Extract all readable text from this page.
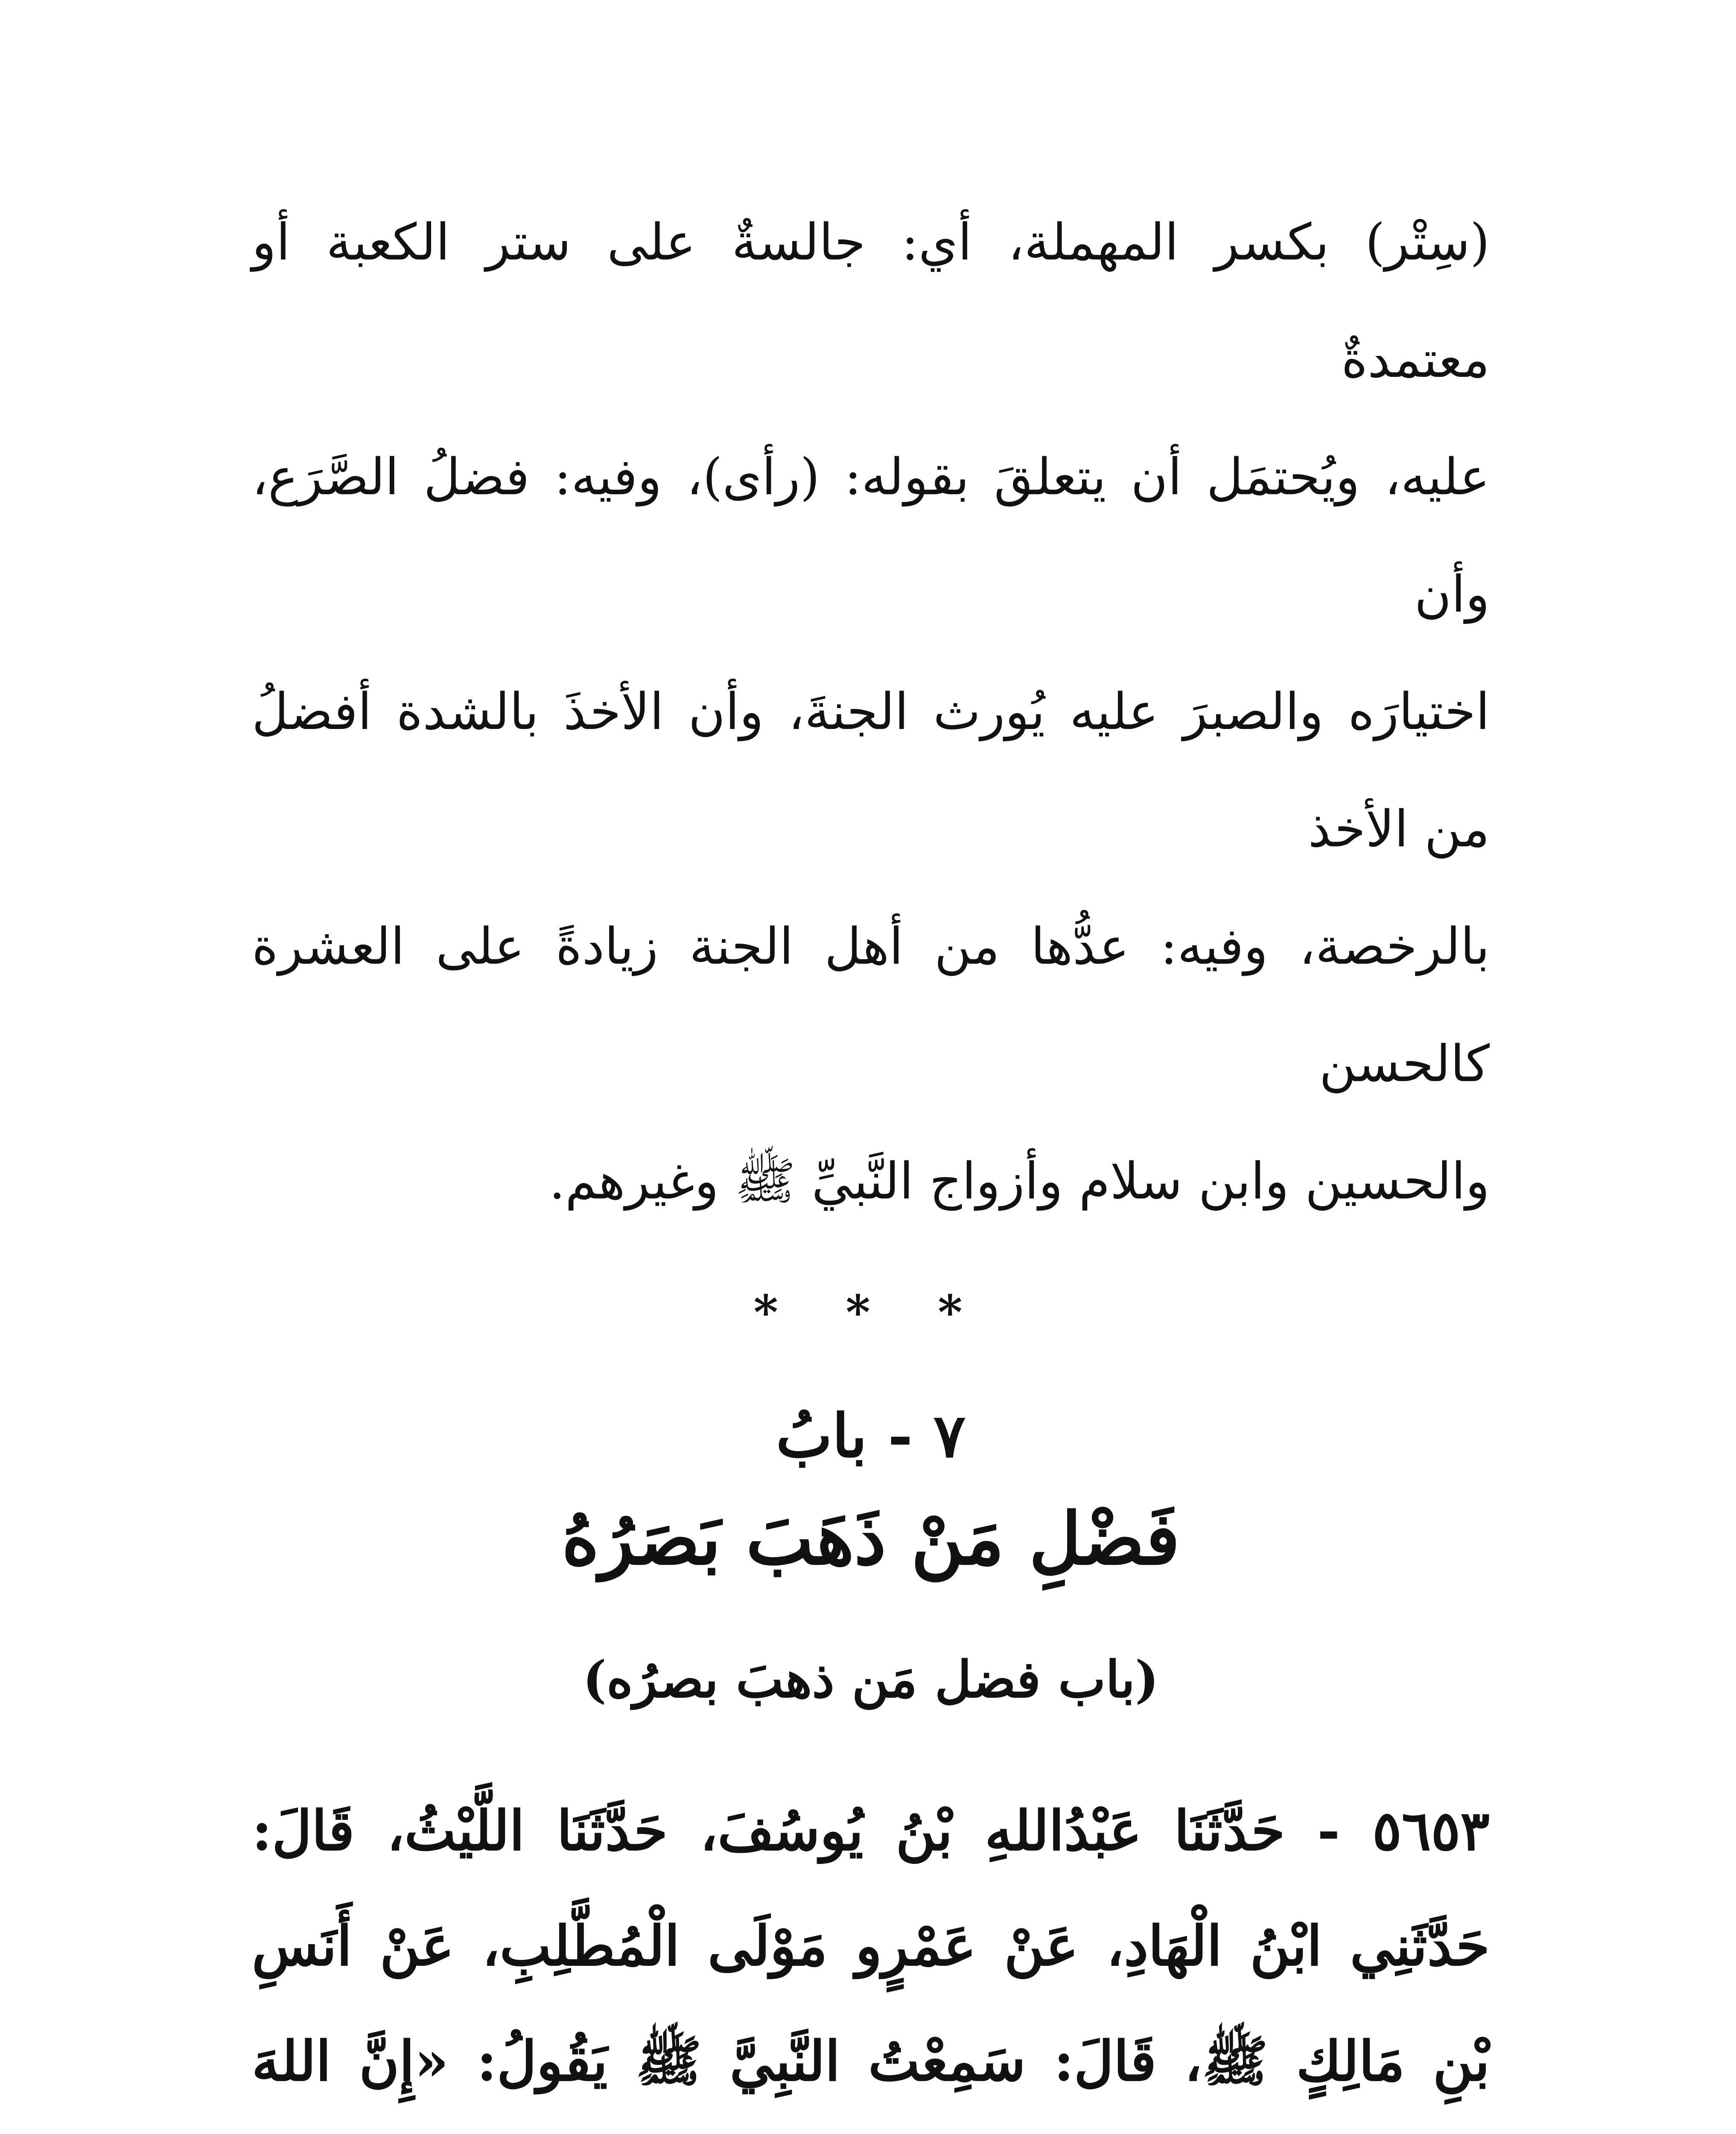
(سِتْر) بكسر المهملة، أي: جالسةٌ على ستر الكعبة أو معتمدةٌ

عليه، ويُحتمَل أن يتعلقَ بقوله: (رأى)، وفيه: فضلُ الصَّرَع، وأن

اختيارَه والصبرَ عليه يُورث الجنةَ، وأن الأخذَ بالشدة أفضلُ من الأخذ

بالرخصة، وفيه: عدُّها من أهل الجنة زيادةً على العشرة كالحسن

والحسين وابن سلام وأزواج النَّبيِّ ﷺ وغيرهم.

* * *
٧ - بابُ
فَضْلِ مَنْ ذَهَبَ بَصَرُهُ
(باب فضل مَن ذهبَ بصرُه)

٥٦٥٣ - حَدَّثَنَا عَبْدُاللهِ بْنُ يُوسُفَ، حَدَّثَنَا اللَّيْثُ، قَالَ: حَدَّثَنِي ابْنُ الْهَادِ، عَنْ عَمْرٍو مَوْلَى الْمُطَّلِبِ، عَنْ أَنَسِ بْنِ مَالِكٍ ﷺ، قَالَ: سَمِعْتُ النَّبِيَّ ﷺ يَقُولُ: «إِنَّ اللهَ
